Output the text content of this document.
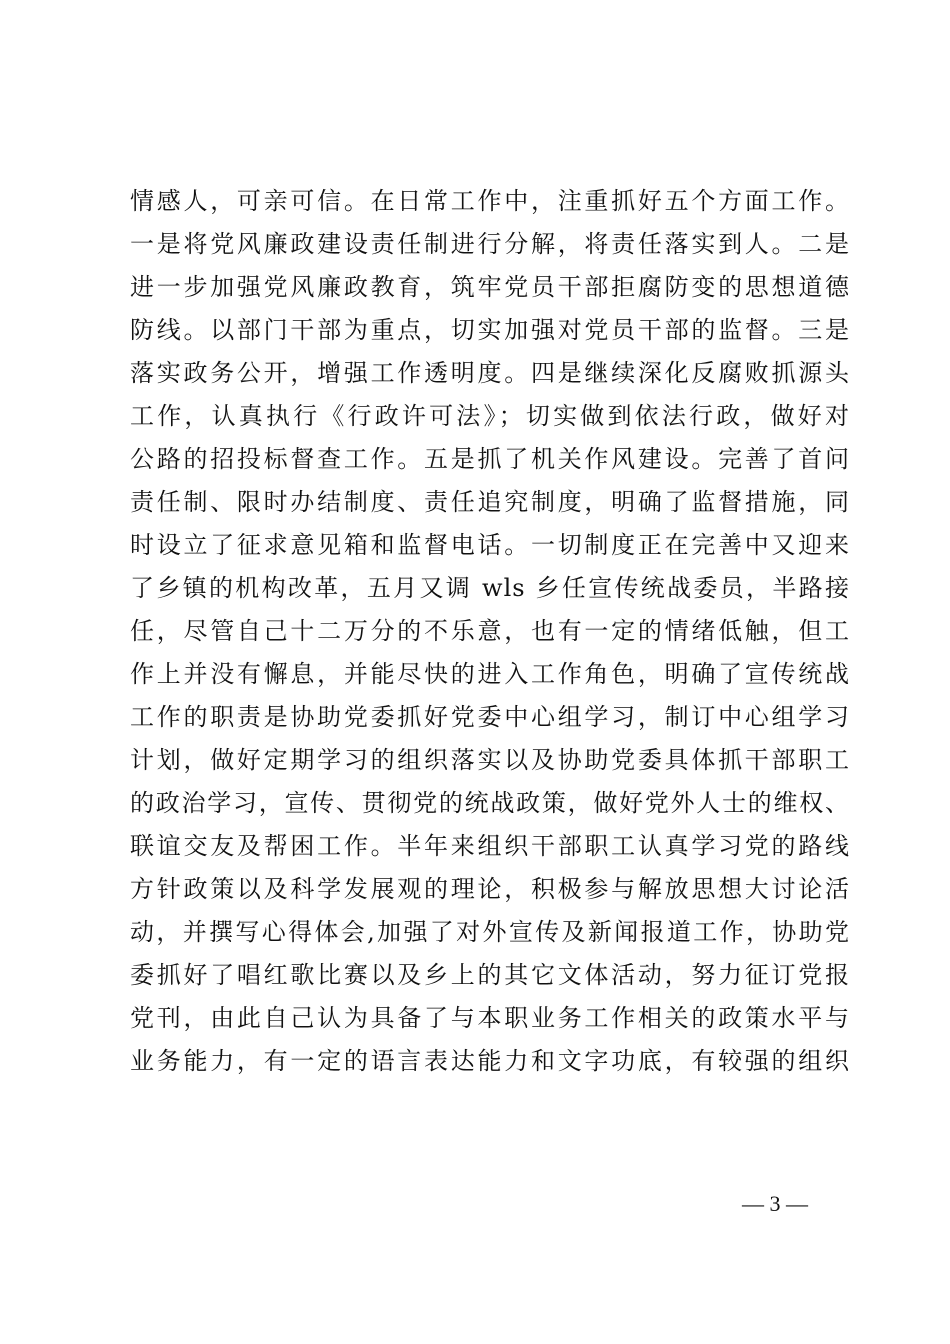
情感人，可亲可信。在日常工作中，注重抓好五个方面工作。
一是将党风廉政建设责任制进行分解，将责任落实到人。二是
进一步加强党风廉政教育，筑牢党员干部拒腐防变的思想道德
防线。以部门干部为重点，切实加强对党员干部的监督。三是
落实政务公开，增强工作透明度。四是继续深化反腐败抓源头
工作，认真执行《行政许可法》；切实做到依法行政，做好对
公路的招投标督查工作。五是抓了机关作风建设。完善了首问
责任制、限时办结制度、责任追究制度，明确了监督措施，同
时设立了征求意见箱和监督电话。一切制度正在完善中又迎来
了乡镇的机构改革，五月又调 wls 乡任宣传统战委员，半路接
任，尽管自己十二万分的不乐意，也有一定的情绪低触，但工
作上并没有懈息，并能尽快的进入工作角色，明确了宣传统战
工作的职责是协助党委抓好党委中心组学习，制订中心组学习
计划，做好定期学习的组织落实以及协助党委具体抓干部职工
的政治学习，宣传、贯彻党的统战政策，做好党外人士的维权、
联谊交友及帮困工作。半年来组织干部职工认真学习党的路线
方针政策以及科学发展观的理论，积极参与解放思想大讨论活
动，并撰写心得体会,加强了对外宣传及新闻报道工作，协助党
委抓好了唱红歌比赛以及乡上的其它文体活动，努力征订党报
党刊，由此自己认为具备了与本职业务工作相关的政策水平与
业务能力，有一定的语言表达能力和文字功底，有较强的组织
— 3 —
